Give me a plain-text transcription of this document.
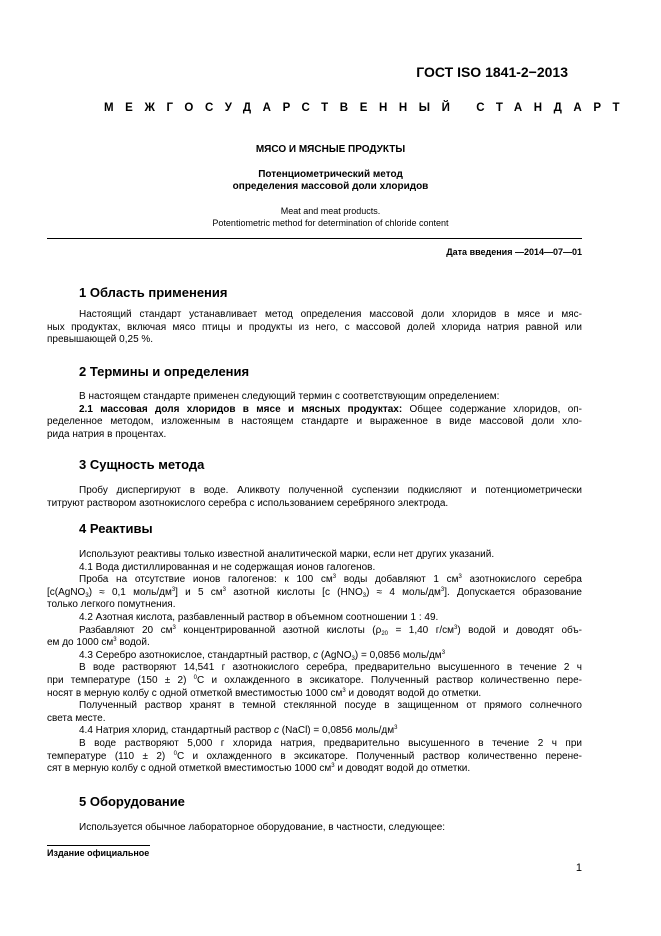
ГОСТ ISO 1841-2−2013
МЕЖГОСУДАРСТВЕННЫЙ СТАНДАРТ
МЯСО И МЯСНЫЕ ПРОДУКТЫ
Потенциометрический метод
определения массовой доли хлоридов
Meat and meat products.
Potentiometric method for determination of chloride content
Дата введения —2014—07—01
1 Область применения
Настоящий стандарт устанавливает метод определения массовой доли хлоридов в мясе и мяс-
ных продуктах, включая мясо птицы и продукты из него, с массовой долей хлорида натрия равной или
превышающей 0,25 %.
2 Термины и определения
В настоящем стандарте применен следующий термин с соответствующим определением:
2.1 массовая доля хлоридов в мясе и мясных продуктах: Общее содержание хлоридов, оп-
ределенное методом, изложенным в настоящем стандарте и выраженное в виде массовой доли хло-
рида натрия в процентах.
3 Сущность метода
Пробу диспергируют в воде. Аликвоту полученной суспензии подкисляют и потенциометрически
титруют раствором азотнокислого серебра с использованием серебряного электрода.
4 Реактивы
Используют реактивы только известной аналитической марки, если нет других указаний.
4.1 Вода дистиллированная и не содержащая ионов галогенов.
Проба на отсутствие ионов галогенов: к 100 $см^3$ воды добавляют 1 $см^3$ азотнокислого серебра
[c(AgNO$_3$) ≈ 0,1 моль/$дм^3$] и 5 $см^3$ азотной кислоты [c $(HNO_3) \approx 4$ моль/$дм^3$]. Допускается образование
только легкого помутнения.
4.2 Азотная кислота, разбавленный раствор в объемном соотношении 1 : 49.
Разбавляют 20 $см^3$ концентрированной азотной кислоты ($\rho_{20} = 1,40$ $г/см^3$) водой и доводят объ-
ем до 1000 $см^3$ водой.
4.3 Серебро азотнокислое, стандартный раствор, c (AgNO$_3$) = 0,0856 моль/$дм^3$
В воде растворяют 14,541 г азотнокислого серебра, предварительно высушенного в течение 2 ч
при температуре (150 ± 2) $^0$C и охлажденного в эксикаторе. Полученный раствор количественно пере-
носят в мерную колбу с одной отметкой вместимостью 1000 $см^3$ и доводят водой до отметки.
Полученный раствор хранят в темной стеклянной посуде в защищенном от прямого солнечного
света месте.
4.4 Натрия хлорид, стандартный раствор c (NaCl) = 0,0856 моль/$дм^3$
В воде растворяют 5,000 г хлорида натрия, предварительно высушенного в течение 2 ч при
температуре (110 ± 2) $^0$C и охлажденного в эксикаторе. Полученный раствор количественно перене-
сят в мерную колбу с одной отметкой вместимостью 1000 $см^3$ и доводят водой до отметки.
5 Оборудование
Используется обычное лабораторное оборудование, в частности, следующее:
Издание официальное
1
